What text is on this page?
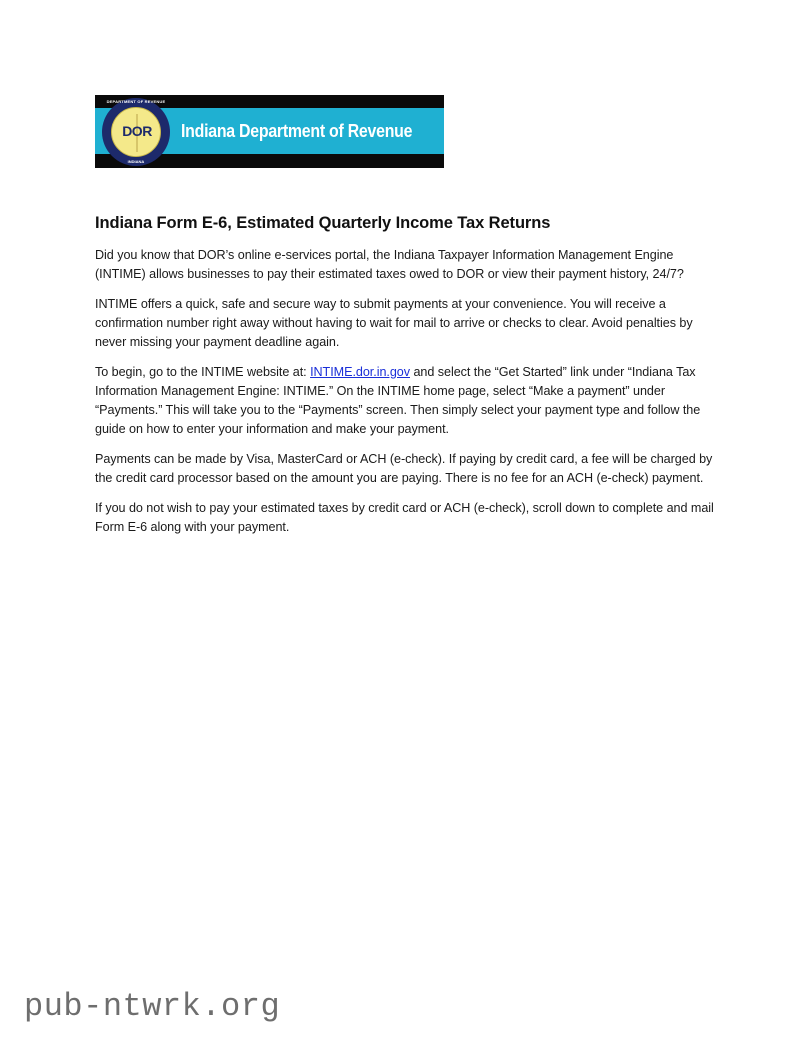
DEPARTMENT OF REVENUE
DOR
INDIANA
Indiana Department of Revenue
Indiana Form E-6, Estimated Quarterly Income Tax Returns

Did you know that DOR’s online e-services portal, the Indiana Taxpayer Information Management Engine (INTIME) allows businesses to pay their estimated taxes owed to DOR or view their payment history, 24/7?

INTIME offers a quick, safe and secure way to submit payments at your convenience. You will receive a confirmation number right away without having to wait for mail to arrive or checks to clear. Avoid penalties by never missing your payment deadline again.

To begin, go to the INTIME website at: INTIME.dor.in.gov and select the “Get Started” link under “Indiana Tax Information Management Engine: INTIME.” On the INTIME home page, select “Make a payment” under “Payments.” This will take you to the “Payments” screen. Then simply select your payment type and follow the guide on how to enter your information and make your payment.

Payments can be made by Visa, MasterCard or ACH (e-check). If paying by credit card, a fee will be charged by the credit card processor based on the amount you are paying. There is no fee for an ACH (e-check) payment.

If you do not wish to pay your estimated taxes by credit card or ACH (e-check), scroll down to complete and mail Form E-6 along with your payment.

pub-ntwrk.org
